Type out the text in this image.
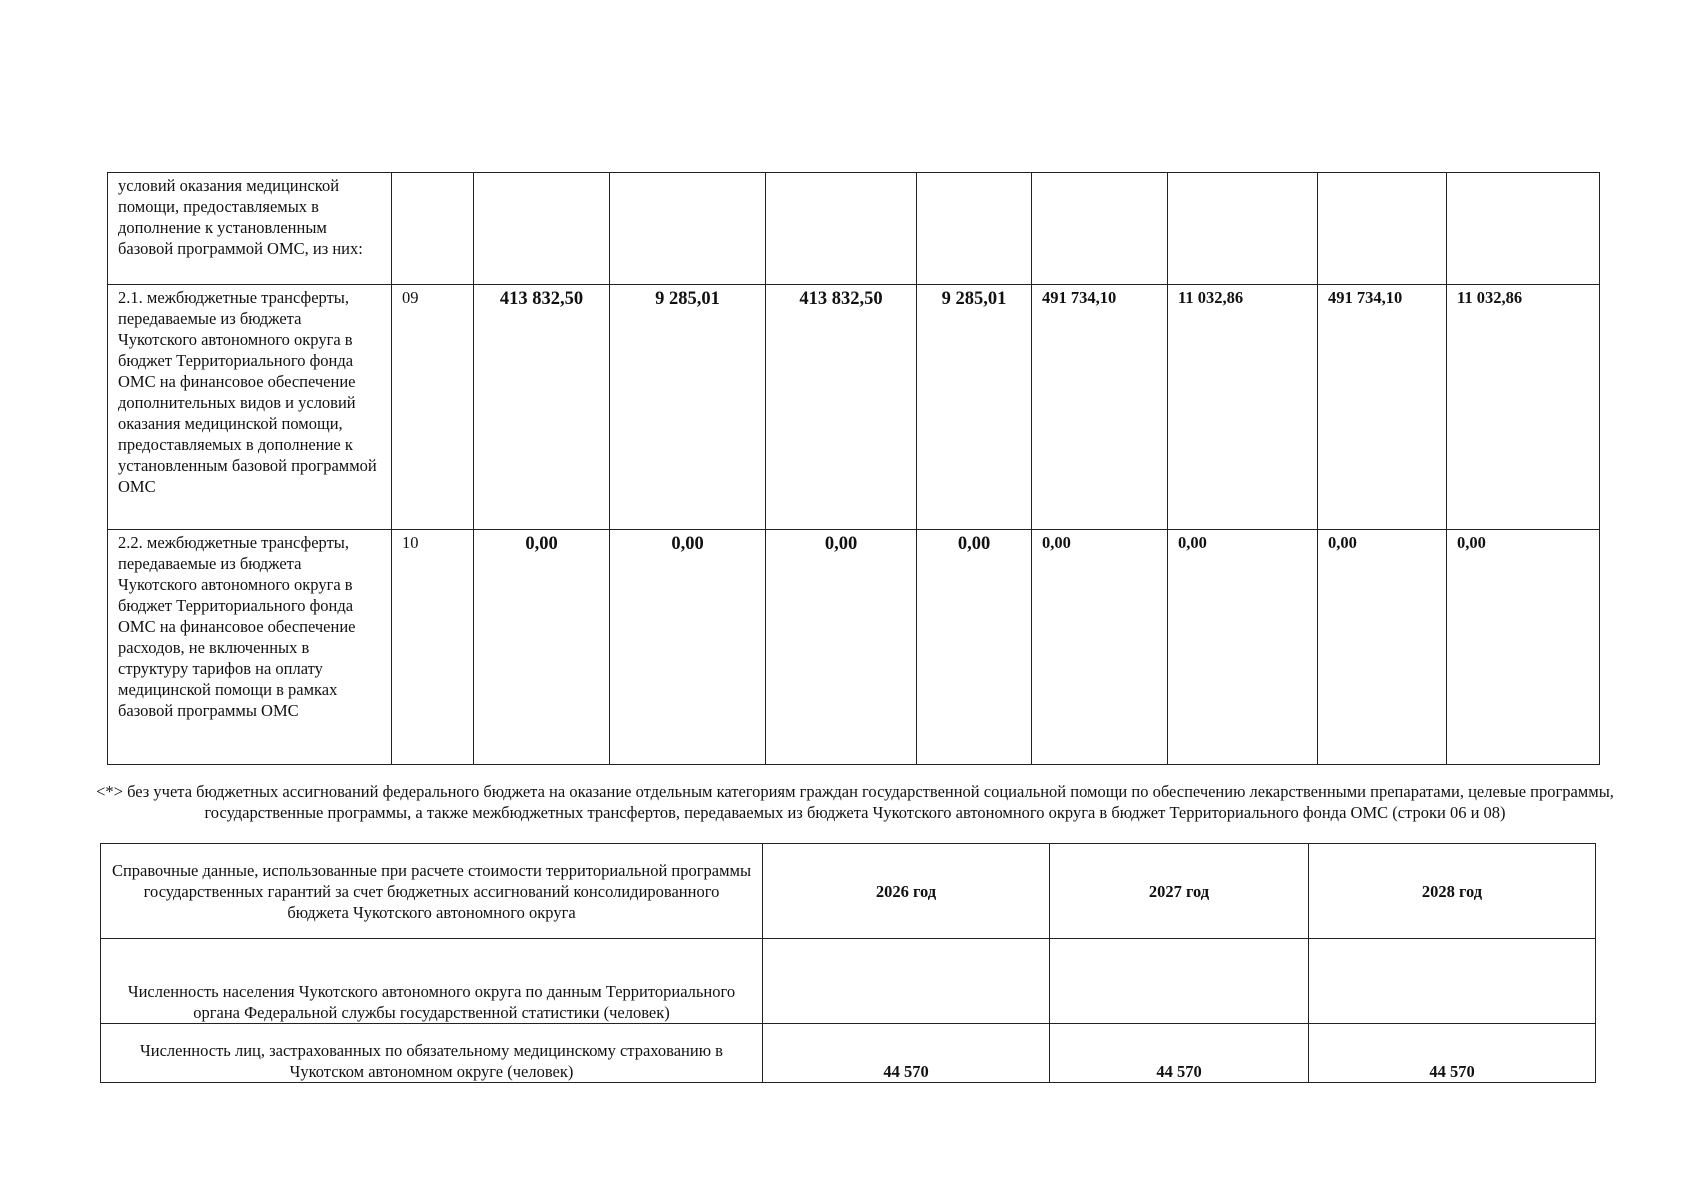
условий оказания медицинской помощи, предоставляемых в дополнение к установленным базовой программой ОМС, из них:									
2.1. межбюджетные трансферты, передаваемые из бюджета Чукотского автономного округа в бюджет Территориального фонда ОМС на финансовое обеспечение дополнительных видов и условий оказания медицинской помощи, предоставляемых в дополнение к установленным базовой программой ОМС	09	413 832,50	9 285,01	413 832,50	9 285,01	491 734,10	11 032,86	491 734,10	11 032,86
2.2. межбюджетные трансферты, передаваемые из бюджета Чукотского автономного округа в бюджет Территориального фонда ОМС на финансовое обеспечение расходов, не включенных в структуру тарифов на оплату медицинской помощи в рамках базовой программы ОМС	10	0,00	0,00	0,00	0,00	0,00	0,00	0,00	0,00
<*> без учета бюджетных ассигнований федерального бюджета на оказание отдельным категориям граждан государственной социальной помощи по обеспечению лекарственными препаратами, целевые программы, государственные программы, а также межбюджетных трансфертов, передаваемых из бюджета Чукотского автономного округа в бюджет Территориального фонда ОМС (строки 06 и 08)
Справочные данные, использованные при расчете стоимости территориальной программы государственных гарантий за счет бюджетных ассигнований консолидированного бюджета Чукотского автономного округа	2026 год	2027 год	2028 год
Численность населения Чукотского автономного округа по данным Территориального органа Федеральной службы государственной статистики (человек)			
Численность лиц, застрахованных по обязательному медицинскому страхованию в Чукотском автономном округе (человек)	44 570	44 570	44 570
